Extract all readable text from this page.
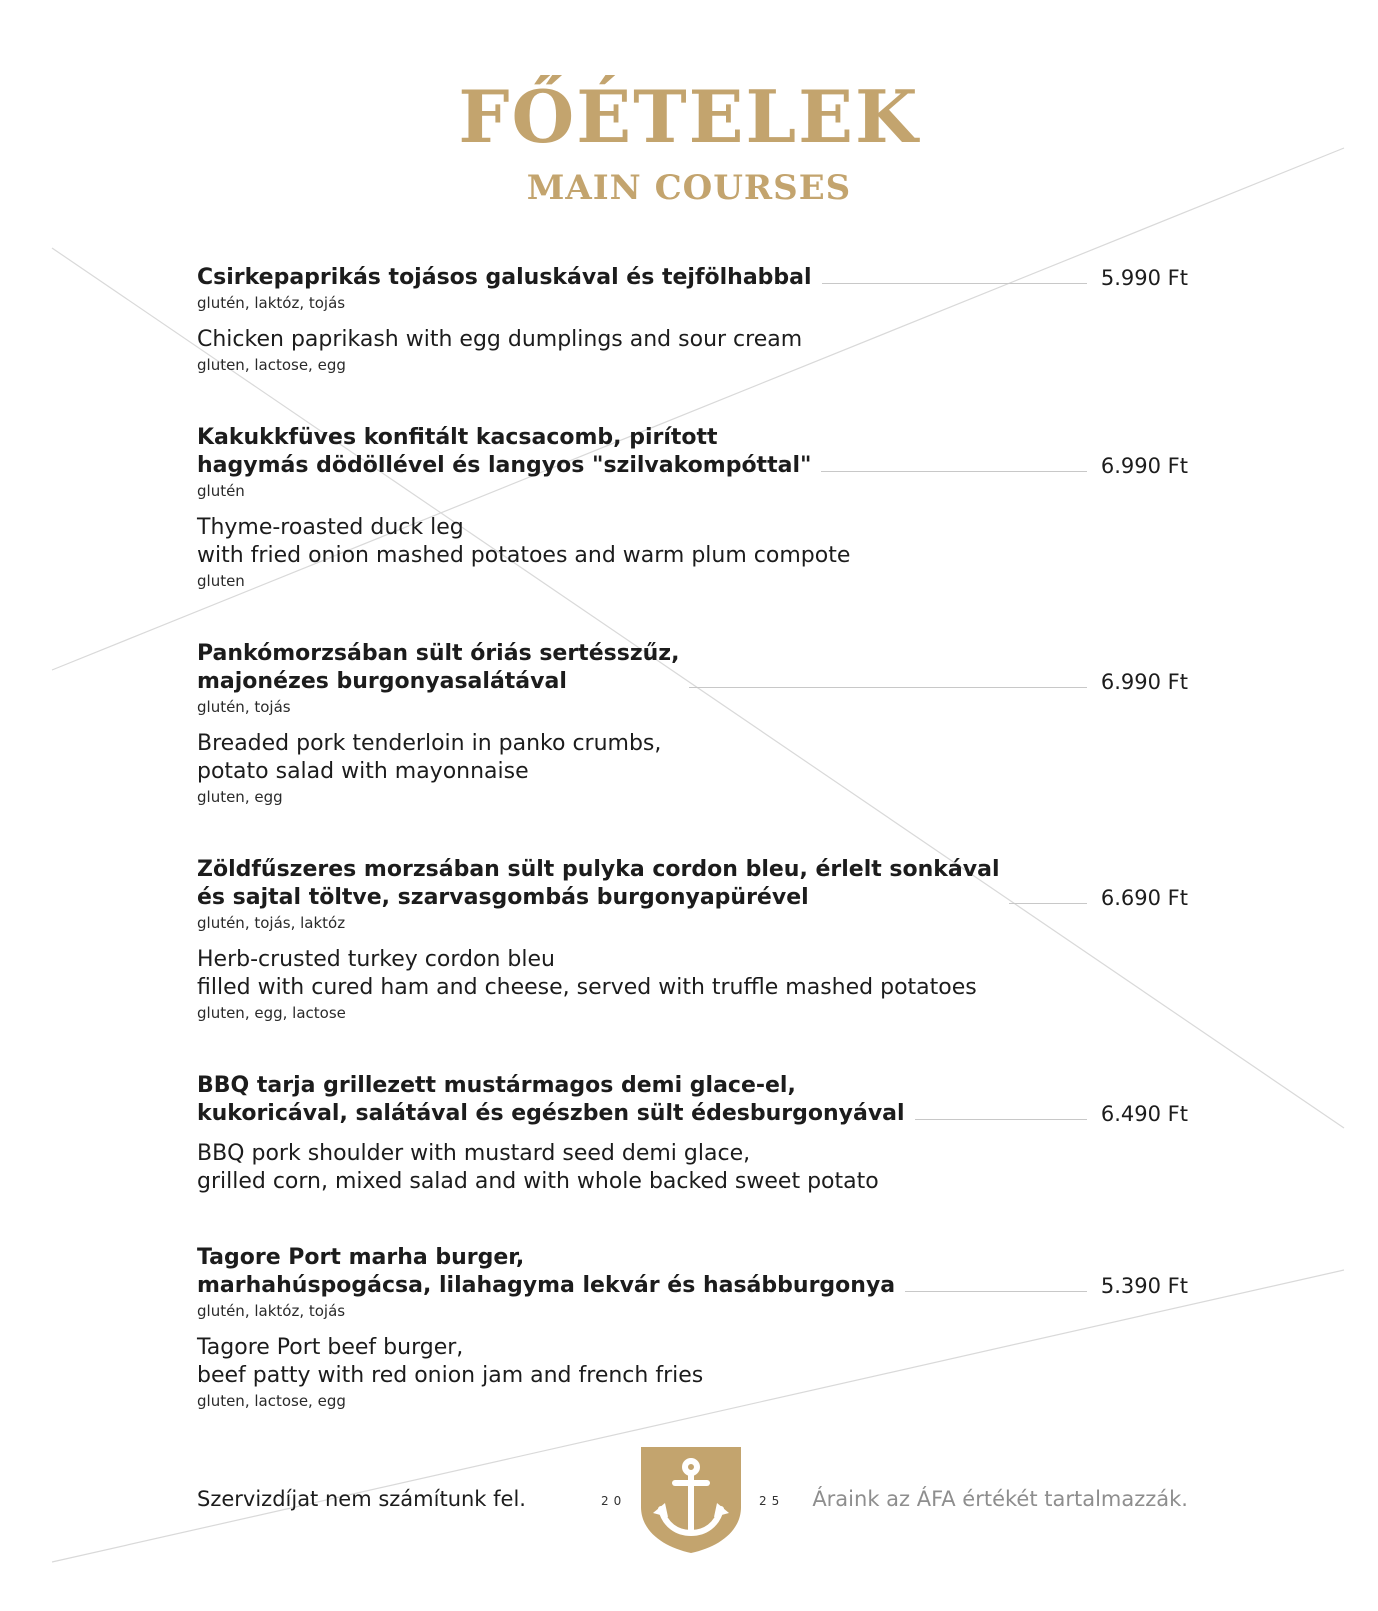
FŐÉTELEK
MAIN COURSES
Csirkepaprikás tojásos galuskával és tejfölhabbal	5.990 Ft
glutén, laktóz, tojás
Chicken paprikash with egg dumplings and sour cream
gluten, lactose, egg
Kakukkfüves konfitált kacsacomb, pirított
hagymás dödöllével és langyos "szilvakompóttal"	6.990 Ft
glutén
Thyme-roasted duck leg
with fried onion mashed potatoes and warm plum compote
gluten
Pankómorzsában sült óriás sertésszűz,
majonézes burgonyasalátával	6.990 Ft
glutén, tojás
Breaded pork tenderloin in panko crumbs,
potato salad with mayonnaise
gluten, egg
Zöldfűszeres morzsában sült pulyka cordon bleu, érlelt sonkával
és sajtal töltve, szarvasgombás burgonyapürével	6.690 Ft
glutén, tojás, laktóz
Herb-crusted turkey cordon bleu
filled with cured ham and cheese, served with truffle mashed potatoes
gluten, egg, lactose
BBQ tarja grillezett mustármagos demi glace-el,
kukoricával, salátával és egészben sült édesburgonyával	6.490 Ft
BBQ pork shoulder with mustard seed demi glace,
grilled corn, mixed salad and with whole backed sweet potato
Tagore Port marha burger,
marhahúspogácsa, lilahagyma lekvár és hasábburgonya	5.390 Ft
glutén, laktóz, tojás
Tagore Port beef burger,
beef patty with red onion jam and french fries
gluten, lactose, egg
Szervizdíjat nem számítunk fel.	20	25 Áraink az ÁFA értékét tartalmazzák.
